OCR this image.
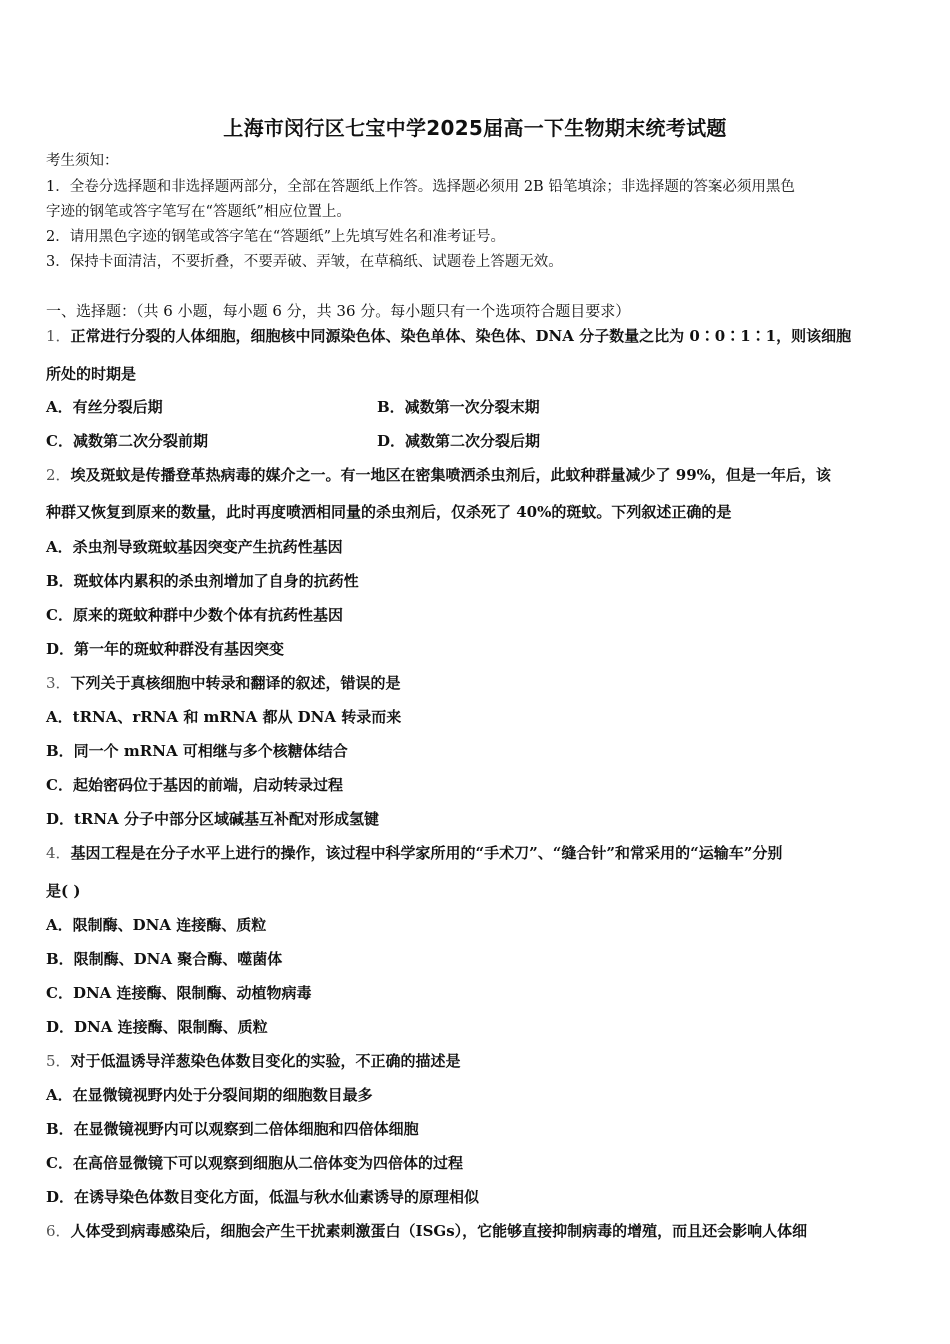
上海市闵行区七宝中学2025届高一下生物期末统考试题
考生须知：
1．全卷分选择题和非选择题两部分，全部在答题纸上作答。选择题必须用 2B 铅笔填涂；非选择题的答案必须用黑色
字迹的钢笔或答字笔写在“答题纸”相应位置上。
2．请用黑色字迹的钢笔或答字笔在“答题纸”上先填写姓名和准考证号。
3．保持卡面清洁，不要折叠，不要弄破、弄皱，在草稿纸、试题卷上答题无效。
一、选择题：（共 6 小题，每小题 6 分，共 36 分。每小题只有一个选项符合题目要求）
1．正常进行分裂的人体细胞，细胞核中同源染色体、染色单体、染色体、DNA 分子数量之比为 0∶0∶1∶1，则该细胞
所处的时期是
A．有丝分裂后期	B．减数第一次分裂末期
C．减数第二次分裂前期	D．减数第二次分裂后期
2．埃及斑蚊是传播登革热病毒的媒介之一。有一地区在密集喷洒杀虫剂后，此蚊种群量减少了 99%，但是一年后，该
种群又恢复到原来的数量，此时再度喷洒相同量的杀虫剂后，仅杀死了 40%的斑蚊。下列叙述正确的是
A．杀虫剂导致斑蚊基因突变产生抗药性基因
B．斑蚊体内累积的杀虫剂增加了自身的抗药性
C．原来的斑蚊种群中少数个体有抗药性基因
D．第一年的斑蚊种群没有基因突变
3．下列关于真核细胞中转录和翻译的叙述，错误的是
A．tRNA、rRNA 和 mRNA 都从 DNA 转录而来
B．同一个 mRNA 可相继与多个核糖体结合
C．起始密码位于基因的前端，启动转录过程
D．tRNA 分子中部分区域碱基互补配对形成氢键
4．基因工程是在分子水平上进行的操作，该过程中科学家所用的“手术刀”、“缝合针”和常采用的“运输车”分别
是( )
A．限制酶、DNA 连接酶、质粒
B．限制酶、DNA 聚合酶、噬菌体
C．DNA 连接酶、限制酶、动植物病毒
D．DNA 连接酶、限制酶、质粒
5．对于低温诱导洋葱染色体数目变化的实验，不正确的描述是
A．在显微镜视野内处于分裂间期的细胞数目最多
B．在显微镜视野内可以观察到二倍体细胞和四倍体细胞
C．在高倍显微镜下可以观察到细胞从二倍体变为四倍体的过程
D．在诱导染色体数目变化方面，低温与秋水仙素诱导的原理相似
6．人体受到病毒感染后，细胞会产生干扰素刺激蛋白（ISGs），它能够直接抑制病毒的增殖，而且还会影响人体细
